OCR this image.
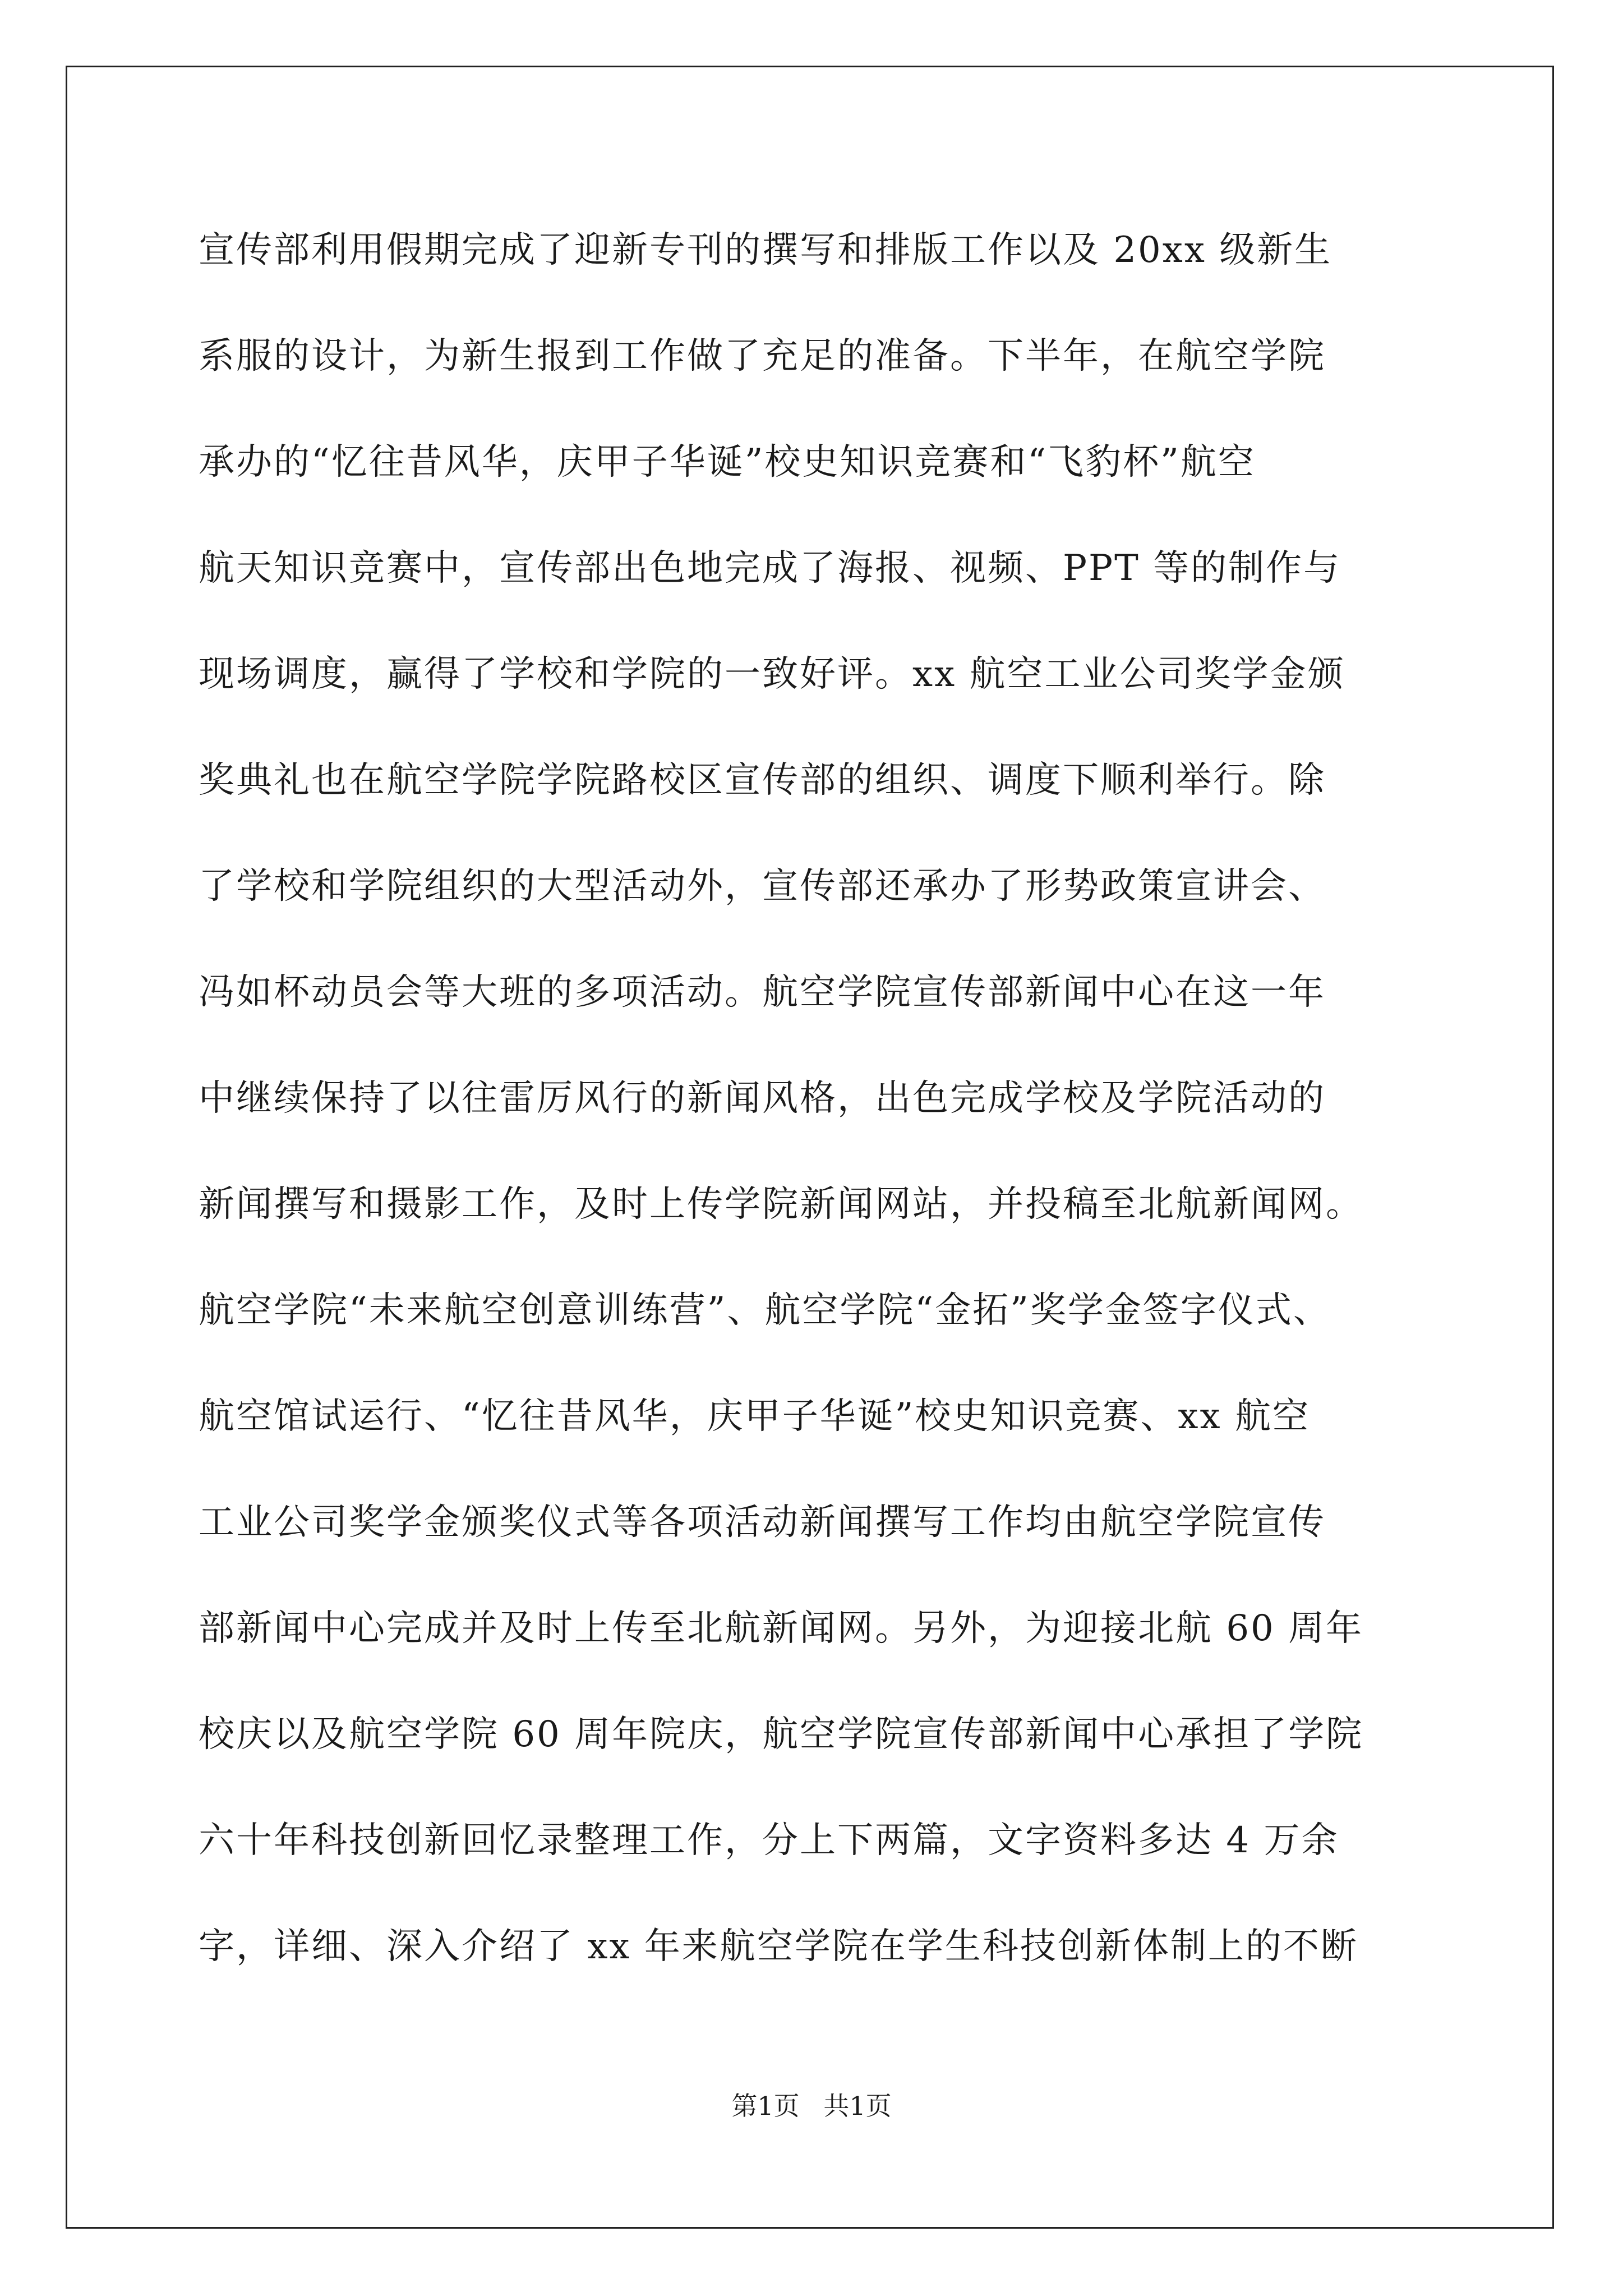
宣传部利用假期完成了迎新专刊的撰写和排版工作以及 20xx 级新生
系服的设计，为新生报到工作做了充足的准备。下半年，在航空学院
承办的“忆往昔风华，庆甲子华诞”校史知识竞赛和“飞豹杯”航空
航天知识竞赛中，宣传部出色地完成了海报、视频、PPT 等的制作与
现场调度，赢得了学校和学院的一致好评。xx 航空工业公司奖学金颁
奖典礼也在航空学院学院路校区宣传部的组织、调度下顺利举行。除
了学校和学院组织的大型活动外，宣传部还承办了形势政策宣讲会、
冯如杯动员会等大班的多项活动。航空学院宣传部新闻中心在这一年
中继续保持了以往雷厉风行的新闻风格，出色完成学校及学院活动的
新闻撰写和摄影工作，及时上传学院新闻网站，并投稿至北航新闻网。
航空学院“未来航空创意训练营”、航空学院“金拓”奖学金签字仪式、
航空馆试运行、“忆往昔风华，庆甲子华诞”校史知识竞赛、xx 航空
工业公司奖学金颁奖仪式等各项活动新闻撰写工作均由航空学院宣传
部新闻中心完成并及时上传至北航新闻网。另外，为迎接北航 60 周年
校庆以及航空学院 60 周年院庆，航空学院宣传部新闻中心承担了学院
六十年科技创新回忆录整理工作，分上下两篇，文字资料多达 4 万余
字，详细、深入介绍了 xx 年来航空学院在学生科技创新体制上的不断
第1页 共1页
